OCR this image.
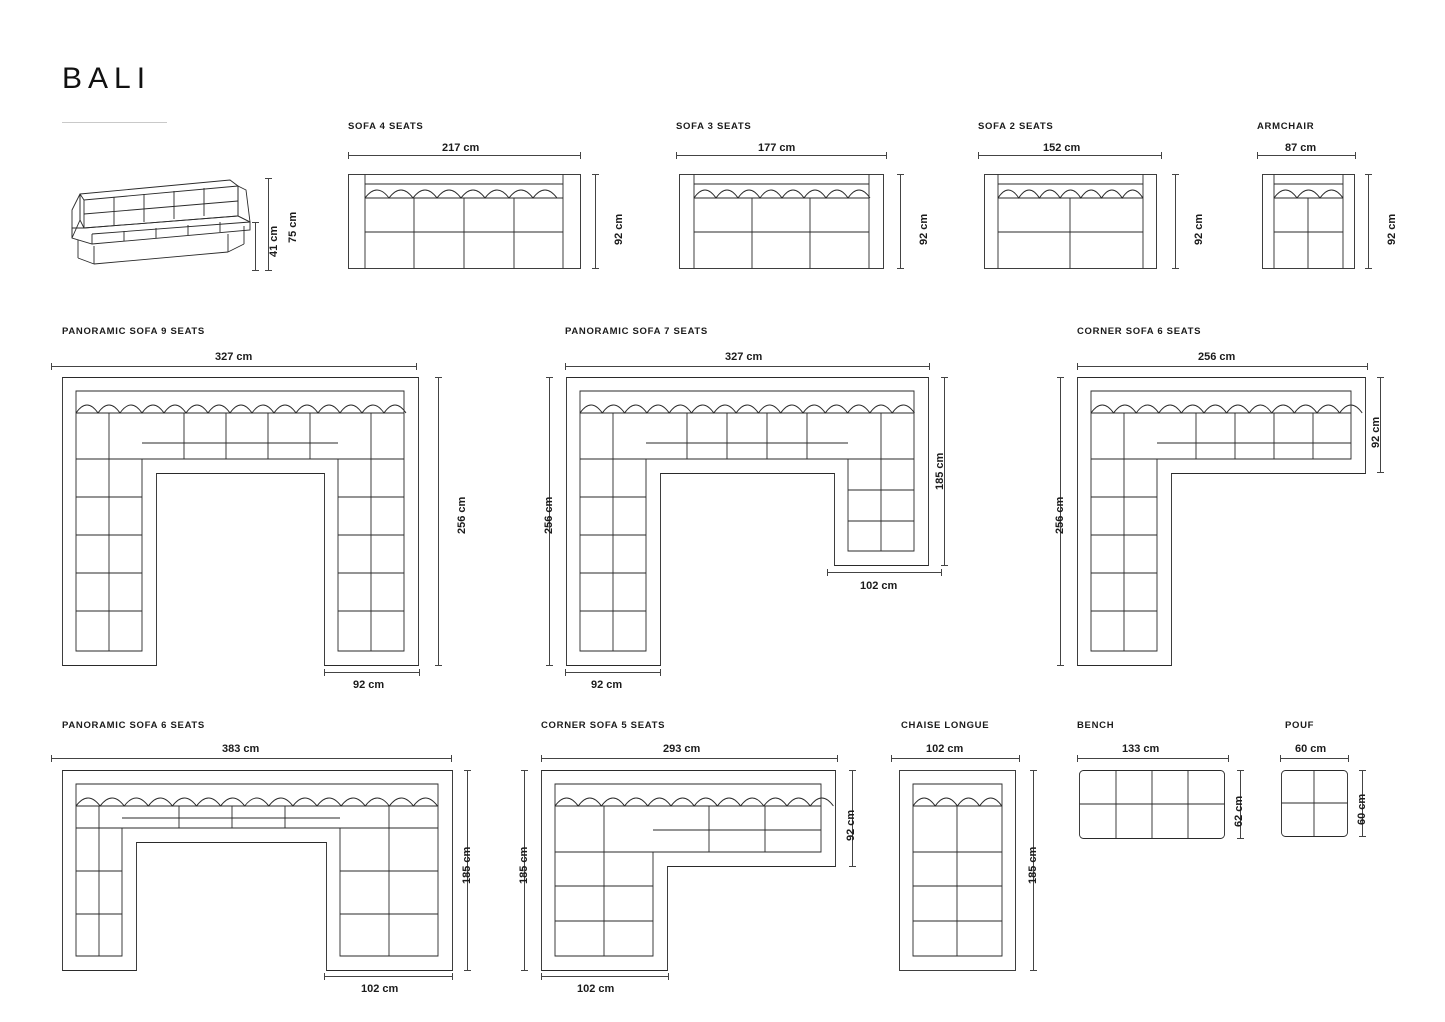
BALI
75 cm
41 cm
SOFA 4 SEATS
217 cm
92 cm
SOFA 3 SEATS
177 cm
92 cm
SOFA 2 SEATS
152 cm
92 cm
ARMCHAIR
87 cm
92 cm
PANORAMIC SOFA 9 SEATS
327 cm
256 cm
92 cm
PANORAMIC SOFA 7 SEATS
327 cm
256 cm
185 cm
102 cm
92 cm
CORNER SOFA 6 SEATS
256 cm
92 cm
256 cm
PANORAMIC SOFA 6 SEATS
383 cm
185 cm
102 cm
CORNER SOFA 5 SEATS
293 cm
92 cm
185 cm
102 cm
CHAISE LONGUE
102 cm
185 cm
BENCH
133 cm
62 cm
POUF
60 cm
60 cm
